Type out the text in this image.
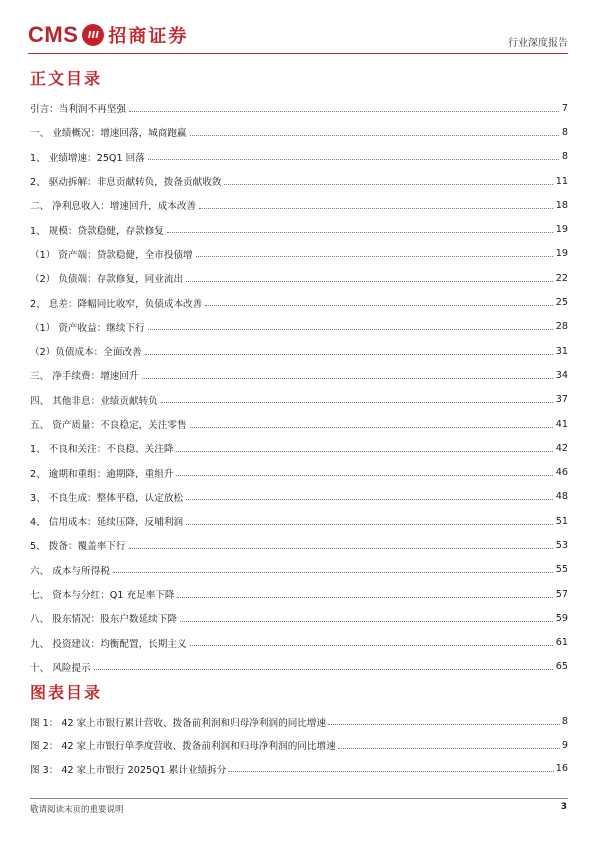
CMS III 招商证券	行业深度报告
正文目录
引言：当利润不再坚强	7
一、 业绩概况：增速回落，城商跑赢	8
1、 业绩增速：25Q1 回落	8
2、 驱动拆解：非息贡献转负，拨备贡献收敛	11
二、 净利息收入：增速回升，成本改善	18
1、 规模：贷款稳健，存款修复	19
（1） 资产端：贷款稳健，全市投债增	19
（2） 负债端：存款修复，同业流出	22
2、 息差：降幅同比收窄，负债成本改善	25
（1） 资产收益：继续下行	28
（2）负债成本：全面改善	31
三、 净手续费：增速回升	34
四、 其他非息：业绩贡献转负	37
五、 资产质量：不良稳定，关注零售	41
1、 不良和关注：不良稳、关注降	42
2、 逾期和重组：逾期降，重组升	46
3、 不良生成：整体平稳，认定放松	48
4、 信用成本：延续压降，反哺利润	51
5、 拨备：覆盖率下行	53
六、 成本与所得税	55
七、 资本与分红：Q1 充足率下降	57
八、 股东情况：股东户数延续下降	59
九、 投资建议：均衡配置，长期主义	61
十、 风险提示	65
图表目录
图 1： 42 家上市银行累计营收、拨备前利润和归母净利润的同比增速	8
图 2： 42 家上市银行单季度营收、拨备前利润和归母净利润的同比增速	9
图 3： 42 家上市银行 2025Q1 累计业绩拆分	16
敬请阅读末页的重要说明	3
